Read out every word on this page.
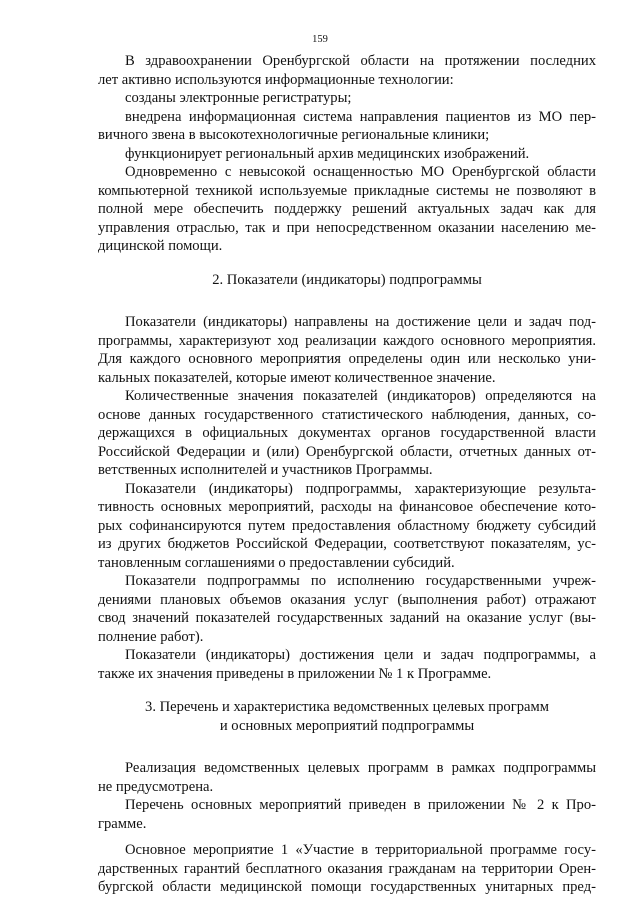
159
В здравоохранении Оренбургской области на протяжении последних
лет активно используются информационные технологии:
созданы электронные регистратуры;
внедрена информационная система направления пациентов из МО пер-
вичного звена в высокотехнологичные региональные клиники;
функционирует региональный архив медицинских изображений.
Одновременно с невысокой оснащенностью МО Оренбургской области
компьютерной техникой используемые прикладные системы не позволяют в
полной мере обеспечить поддержку решений актуальных задач как для
управления отраслью, так и при непосредственном оказании населению ме-
дицинской помощи.
2. Показатели (индикаторы) подпрограммы
Показатели (индикаторы) направлены на достижение цели и задач под-
программы, характеризуют ход реализации каждого основного мероприятия.
Для каждого основного мероприятия определены один или несколько уни-
кальных показателей, которые имеют количественное значение.
Количественные значения показателей (индикаторов) определяются на
основе данных государственного статистического наблюдения, данных, со-
держащихся в официальных документах органов государственной власти
Российской Федерации и (или) Оренбургской области, отчетных данных от-
ветственных исполнителей и участников Программы.
Показатели (индикаторы) подпрограммы, характеризующие результа-
тивность основных мероприятий, расходы на финансовое обеспечение кото-
рых софинансируются путем предоставления областному бюджету субсидий
из других бюджетов Российской Федерации, соответствуют показателям, ус-
тановленным соглашениями о предоставлении субсидий.
Показатели подпрограммы по исполнению государственными учреж-
дениями плановых объемов оказания услуг (выполнения работ) отражают
свод значений показателей государственных заданий на оказание услуг (вы-
полнение работ).
Показатели (индикаторы) достижения цели и задач подпрограммы, а
также их значения приведены в приложении № 1 к Программе.
3. Перечень и характеристика ведомственных целевых программ
и основных мероприятий подпрограммы
Реализация ведомственных целевых программ в рамках подпрограммы
не предусмотрена.
Перечень основных мероприятий приведен в приложении № 2 к Про-
грамме.
Основное мероприятие 1 «Участие в территориальной программе госу-
дарственных гарантий бесплатного оказания гражданам на территории Орен-
бургской области медицинской помощи государственных унитарных пред-
